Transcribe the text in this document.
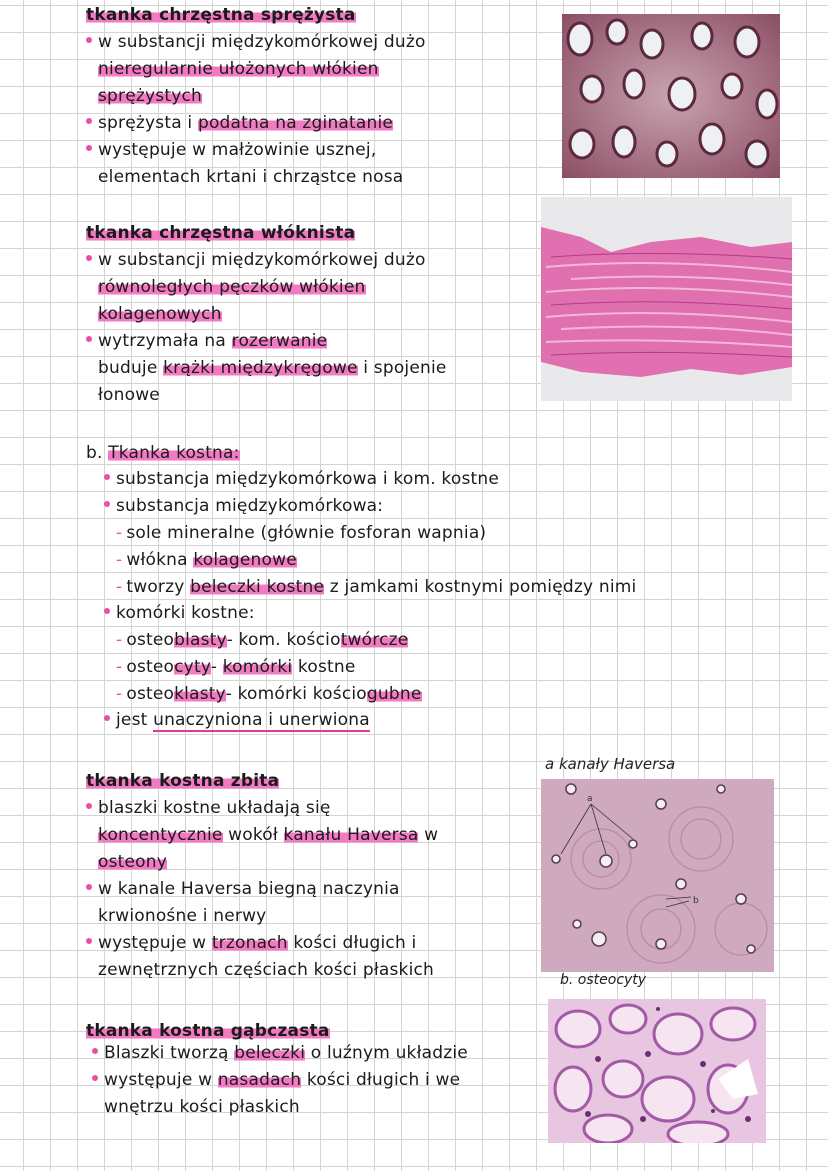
tkanka chrzęstna sprężysta
w substancji międzykomórkowej dużo
nieregularnie ułożonych włókien
sprężystych
sprężysta i podatna na zginatanie
występuje w małżowinie usznej,
elementach krtani i chrząstce nosa
tkanka chrzęstna włóknista
w substancji międzykomórkowej dużo
równoległych pęczków włókien
kolagenowych
wytrzymała na rozerwanie
buduje krążki międzykręgowe i spojenie
łonowe
b. Tkanka kostna:
substancja międzykomórkowa i kom. kostne
substancja międzykomórkowa:
- sole mineralne (głównie fosforan wapnia)
- włókna kolagenowe
- tworzy beleczki kostne z jamkami kostnymi pomiędzy nimi
komórki kostne:
- osteoblasty- kom. kościotwórcze
- osteocyty- komórki kostne
- osteoklasty- komórki kościogubne
jest unaczyniona i unerwiona
tkanka kostna zbita
blaszki kostne układają się
koncentycznie wokół kanału Haversa w
osteony
w kanale Haversa biegną naczynia
krwionośne i nerwy
występuje w trzonach kości długich i
zewnętrznych częściach kości płaskich
a kanały Haversa
a
b
b. osteocyty
tkanka kostna gąbczasta
Blaszki tworzą beleczki o luźnym układzie
występuje w nasadach kości długich i we
wnętrzu kości płaskich
